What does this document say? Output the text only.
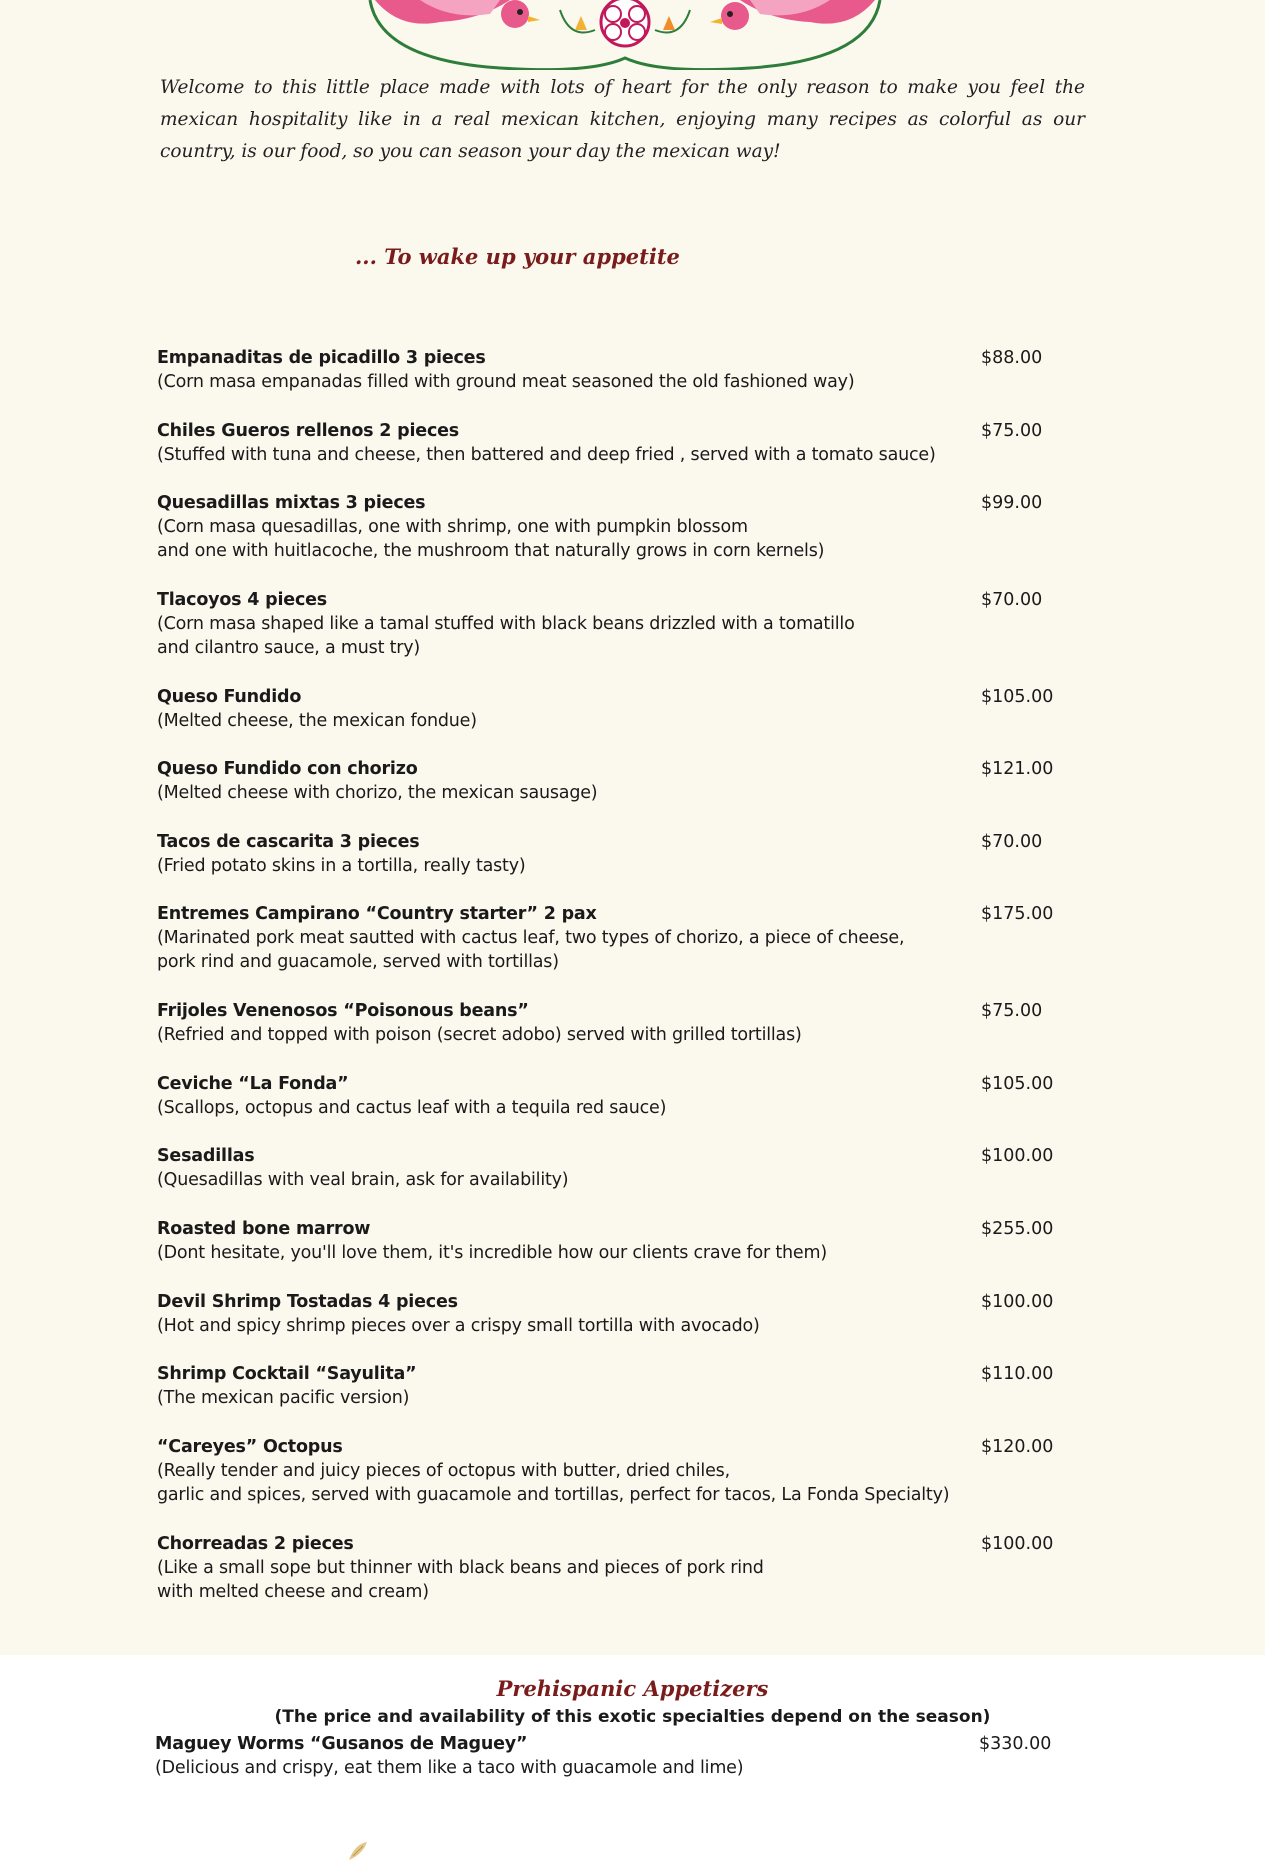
Welcome to this little place made with lots of heart for the only reason to make you feel the mexican hospitality like in a real mexican kitchen, enjoying many recipes as colorful as our country, is our food, so you can season your day the mexican way!

... To wake up your appetite
Empanaditas de picadillo 3 pieces
(Corn masa empanadas filled with ground meat seasoned the old fashioned way)
$88.00
Chiles Gueros rellenos 2 pieces
(Stuffed with tuna and cheese, then battered and deep fried , served with a tomato sauce)
$75.00
Quesadillas mixtas 3 pieces
(Corn masa quesadillas, one with shrimp, one with pumpkin blossom
and one with huitlacoche, the mushroom that naturally grows in corn kernels)
$99.00
Tlacoyos 4 pieces
(Corn masa shaped like a tamal stuffed with black beans drizzled with a tomatillo
and cilantro sauce, a must try)
$70.00
Queso Fundido
(Melted cheese, the mexican fondue)
$105.00
Queso Fundido con chorizo
(Melted cheese with chorizo, the mexican sausage)
$121.00
Tacos de cascarita 3 pieces
(Fried potato skins in a tortilla, really tasty)
$70.00
Entremes Campirano “Country starter” 2 pax
(Marinated pork meat sautted with cactus leaf, two types of chorizo, a piece of cheese,
pork rind and guacamole, served with tortillas)
$175.00
Frijoles Venenosos “Poisonous beans”
(Refried and topped with poison (secret adobo) served with grilled tortillas)
$75.00
Ceviche “La Fonda”
(Scallops, octopus and cactus leaf with a tequila red sauce)
$105.00
Sesadillas
(Quesadillas with veal brain, ask for availability)
$100.00
Roasted bone marrow
(Dont hesitate, you'll love them, it's incredible how our clients crave for them)
$255.00
Devil Shrimp Tostadas 4 pieces
(Hot and spicy shrimp pieces over a crispy small tortilla with avocado)
$100.00
Shrimp Cocktail “Sayulita”
(The mexican pacific version)
$110.00
“Careyes” Octopus
(Really tender and juicy pieces of octopus with butter, dried chiles,
garlic and spices, served with guacamole and tortillas, perfect for tacos, La Fonda Specialty)
$120.00
Chorreadas 2 pieces
(Like a small sope but thinner with black beans and pieces of pork rind
with melted cheese and cream)
$100.00
Prehispanic Appetizers

(The price and availability of this exotic specialties depend on the season)

Maguey Worms “Gusanos de Maguey”
(Delicious and crispy, eat them like a taco with guacamole and lime)
$330.00
